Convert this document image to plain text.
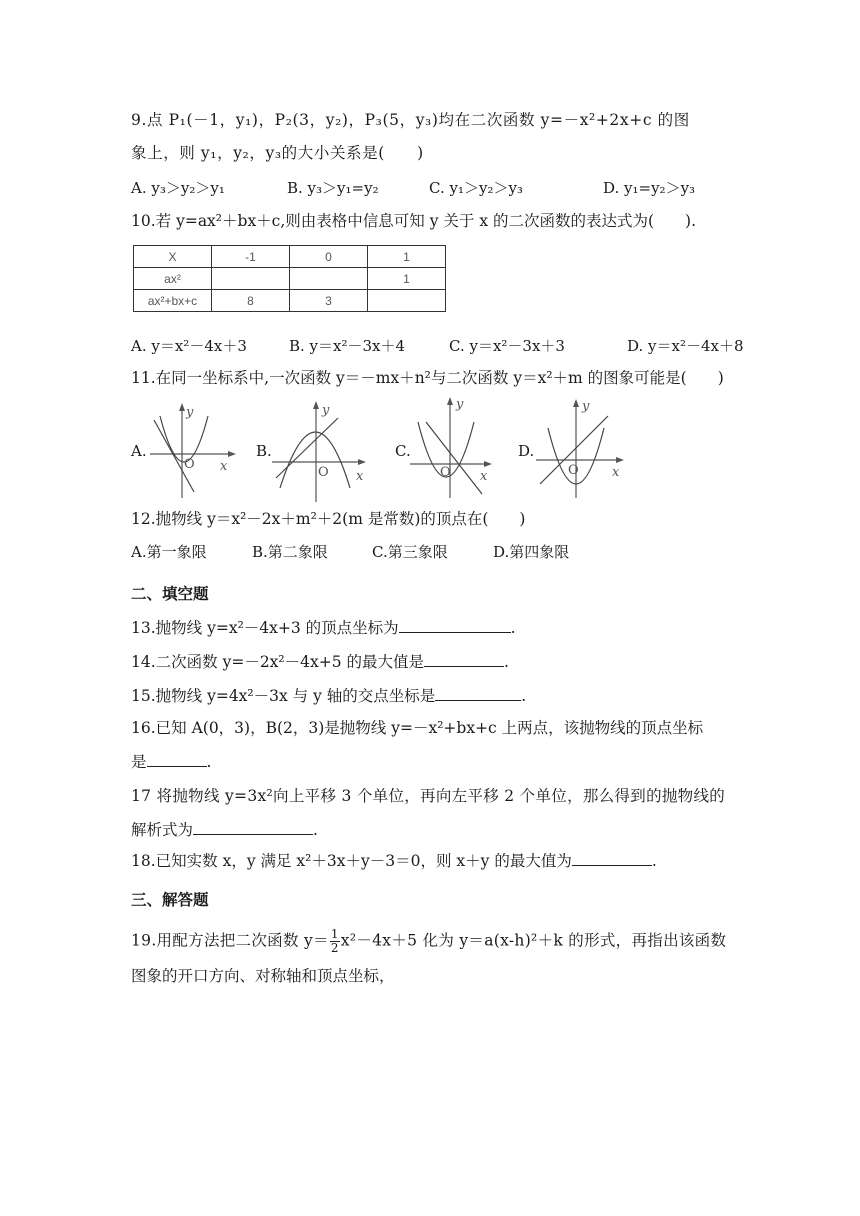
9.点 P₁(－1，y₁)，P₂(3，y₂)，P₃(5，y₃)均在二次函数 y=－x²+2x+c 的图
象上，则 y₁，y₂，y₃的大小关系是(　　)
A. y₃＞y₂＞y₁	B. y₃＞y₁=y₂	C. y₁＞y₂＞y₃	D. y₁=y₂＞y₃
10.若 y=ax²＋bx＋c,则由表格中信息可知 y 关于 x 的二次函数的表达式为(　　).
X	-1	0	1
ax²			1
ax²+bx+c	8	3	
A. y＝x²－4x＋3	B. y＝x²－3x＋4	C. y＝x²－3x＋3	D. y＝x²－4x＋8
11.在同一坐标系中,一次函数 y＝－mx＋n²与二次函数 y＝x²＋m 的图象可能是(　　)
A.
y
x
O
B.
y
x
O
C.
y
x
O
D.
y
x
O
12.抛物线 y＝x²－2x＋m²＋2(m 是常数)的顶点在(　　)
A.第一象限	B.第二象限	C.第三象限	D.第四象限
二、填空题
13.抛物线 y=x²－4x+3 的顶点坐标为	.
14.二次函数 y=－2x²－4x+5 的最大值是	.
15.抛物线 y=4x²－3x 与 y 轴的交点坐标是	.
16.已知 A(0，3)，B(2，3)是抛物线 y=－x²+bx+c 上两点，该抛物线的顶点坐标
是	.
17 将抛物线 y=3x²向上平移 3 个单位，再向左平移 2 个单位，那么得到的抛物线的
解析式为	.
18.已知实数 x，y 满足 x²＋3x＋y－3＝0，则 x＋y 的最大值为	.
三、解答题
19.用配方法把二次函数 $y= \frac{1}{2} x^2-4x+5$ 化为 y＝a(x-h)²＋k 的形式，再指出该函数
图象的开口方向、对称轴和顶点坐标，
